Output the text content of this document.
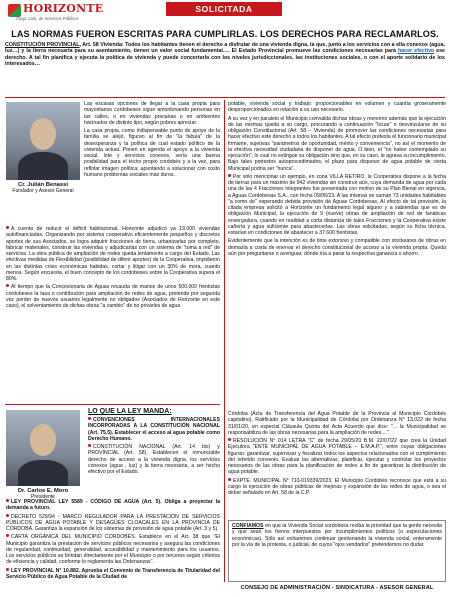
HORIZONTE
Coop. Ltda. de Servicios Públicos
SOLICITADA
LAS NORMAS FUERON ESCRITAS PARA CUMPLIRLAS. LOS DERECHOS PARA RECLAMARLOS.
CONSTITUCIÓN PROVINCIAL, Art. 58 Vivienda: Todos los habitantes tienen el derecho a disfrutar de una vivienda digna, la que, junto a los servicios con a ella conexos (agua, luz…) y la tierra necesaria para su asentamiento, tienen un valor social fundamental…. El Estado Provincial promueve las condiciones necesarias para hacer efectivo ese derecho. A tal fin planifica y ejecuta la política de vivienda y puede concertarla con los niveles jurisdiccionales, las instituciones sociales, o con el aporte solidario de los interesados…
Cr. Julián Benassi
Fundador y Asesor General

Las escasas opciones de llegar a la casa propia para mayoritarios cordobeses sigue amontonando personas en las calles, o en viviendas precarias o en ambientes hacinados de distinto tipo, según pobres apreciar.

La casa propia, como indispensable punto de apoyo de la familia se alejó, figuran al fin de "la fabula" de la desesperanza y la política de cual estado político de la vivienda actual. Ponen en agenda el apoyo a la vivienda social, lote y servicios conexos, sería una buena posibilidad para el techo propio cordobés y a la vez, para reflotar imagen política; apuntando a solucionar con costo humano problemas sociales más duros.

A cuenta de reducir el déficit habitacional, Horizonte adjudicó ya 19.000 viviendas autofinanciadas. Organizando por sistema cooperativo eficientemente pequeños y discretos aportes de sus Asociados, se logra adquirir fracciones de tierra, urbanizarlas por completo, fabricar materiales, construir las viviendas y adjudicarlas con un sistema de "toma a red" de servicios. La obra pública de ampliación de redes queda lentamente a cargo del Estado. Las efectivas medidas de Flexibilidad (posibilidad de diferir aportes) de la Cooperativa, impidieron en las distintas crisis económicas habidas, cortar y litigar con un 30% de mora, cuanto menos. Según encuesta, el buen concepto de los cordobeses sobre la Cooperativa supera el 80%.

Al tiempo que la Concesionaria de Aguas recauda de manos de unos 500.000 frentistas cordobeses la tasa o contribución para ampliación de redes de agua, pretende por segunda vez perder de nuevos usuarios legalmente no obligados (Asociados de Horizonte en este caso), el solventamiento de dichas obras "a cambio" de no privarles de agua

potable, vivienda social y trabajo: proporcionables en volumen y cuantía groseramente desproporcionados en relación a su uso necesario.

A su vez y en paralelo el Municipio convalida dichas obras y menores además que la ejecución de las mismas queda a su cargo, procurando a continuación "licuar" o desvincularse de su obligación Constitucional (Art. 58 – Vivienda) de promover las condiciones necesarias para hacer efectivo este derecho a todos los habitantes. A tal efecto pretexta el funcionario municipal firmante, sujetivas "parámetros de oportunidad, mérito y conveniencia", no así el momento de la efectiva necesidad ciudadana de disponer de agua. O bien, el "no haber contemplado su ejecución", lo cual no extingue su obligación sino que, en su caso, le agrava su incumplimiento. Bajo tales pretextos autoprocedimados, el plazo para disponer de agua potable de cierta Municipal podría ser "nunca".

Por sólo mencionar un ejemplo, en zona VILLA RETIRO, la Cooperativa dispone a la fecha de tierras para un máximo de 942 viviendas sin construir aún, cuya demanda de agua por cada una de las 4 Fracciones integrantes fue presentada con motivo de su Plan Bienal en vigencia, a Aguas Cordobesas S.A., con fecha 09/06/23. A las mismas se suman 73 unidades habitables "a como de" esperando debida provisión de Aguas Cordobesas. Al efecto de tal provisión, la citada empresa solicitó a Horizonte un fundamento legal alguno y a sabiendas que es de obligación Municipal, la ejecución de 9 (nueve) obras de ampliación de red de fanáticas envergadura, cuando en realidad a corta distancia de tales Fracciones y la Cooperativa existe cañería y agua suficiente para abastecerlas. Las obras solicitadas, según su ficha técnica, estarían en condiciones de abastecer a 37.600 frentistas.

Evidentemente que la intención es de tinte extorsivo y compatible con stockeares de obras en demasía a costa de enervar el derecho constitucional de acceso a la vivienda propia. Queda aún por preguntarse o averiguar, dónde iría a parar la respectiva ganancia o ahorro.

Dr. Carlos E. Moro
Presidente
LO QUE LA LEY MANDA:

CONVENCIONES INTERNACIONALES INCORPORADAS A LA CONSTITUCIÓN NACIONAL (Art. 75.5). Establecer el acceso al agua potable como Derecho Humano.

CONSTITUCIÓN NACIONAL (Art. 14 bis) y PROVINCIAL (Art. 58). Establecen el inmunciable derecho de acceso a la vivienda digna, los servicios conexos (agua , luz) y la tierra necesaria, a ser hecho efectivo por el Estado.

LEY PROVINCIAL LEY 5589 - CÓDIGO DE AGUA (Art. 5). Obliga a proyectar la demanda a futuro.

DECRETO 529/94 - MARCO REGULADOR PARA LA PRESTACIÓN DE SERVICIOS PÚBLICOS DE AGUA POTABLE Y DESAGÜES CLOACALES EN LA PROVINCIA DE CÓRDOBA. Garantiza la expansión de los sistemas de provisión de agua potable (Art. 3 y 5).

CARTA ORGÁNICA DEL MUNICIPIO CORDOBÉS. Establece en el Art. 38 que "El Municipio garantiza la prestación de servicios públicos necesarios y asegura las condiciones de regularidad, continuidad, generalidad, accesibilidad y mantenimiento para los usuarios. Los servicios públicos se brindan directamente por el Municipio o por terceros según criterios de eficiencia y calidad, conforme lo reglamenta las Ordenanzas".

LEY PROVINCIAL N° 10.882. Aprueba el Convenio de Transferencia de Titularidad del Servicio Público de Agua Potable de la Ciudad de

Córdoba (Acta de Transferencia del Agua Potable de la Provincia al Municipio Cordobés capitalino). Ratificado por la Municipalidad de Córdoba por Ordenanza N° 13.022 de fecha 31/01/20, en especial Cláusula Quinta del Acta Acuerdo que dice: "... la Municipalidad se responsabiliza de las obras necesarias para la ampliación de redes....".

RESOLUCIÓN N° 014 LETRA "C" de fecha 29/05/20 B.M. 22/07/22 que crea la Unidad Ejecutora "ENTE MUNICIPAL DE AGUA POTABLE – E.M.A.P.", entre cuyas obligaciones figuran: garantizar, supervisar y fiscalizar todos los aspectos relacionados con el cumplimiento del referido convenio. Evaluar las alternativas, planificar, ejecutar y controlar los proyectos necesarios de las obras para la planificación de redes a fin de garantizar la distribución de agua potable.

EXPTE. MUNICIPAL N° 710-019339/2023. El Municipio Cordobés reconoce que está a su cargo la ejecución de obras públicas de mejoras y expansión de las redes de agua, o sea el deber señalado en Art. 58 de la C.P.

CONFIAMOS en que la Vivienda Social cordobesa reciba la prioridad que la gente necesita y que sean los frenos interpuestos por incumplimientos políticos (o especulaciones económicas). Sólo así evitaremos continuar gestionando la vivienda social, enteramente por la vía de la protesta, o judicial, de cuyos "ojos vendados" pretendemos no dudar.
CONSEJO DE ADMINISTRACIÓN - SINDICATURA - ASESOR GENERAL
